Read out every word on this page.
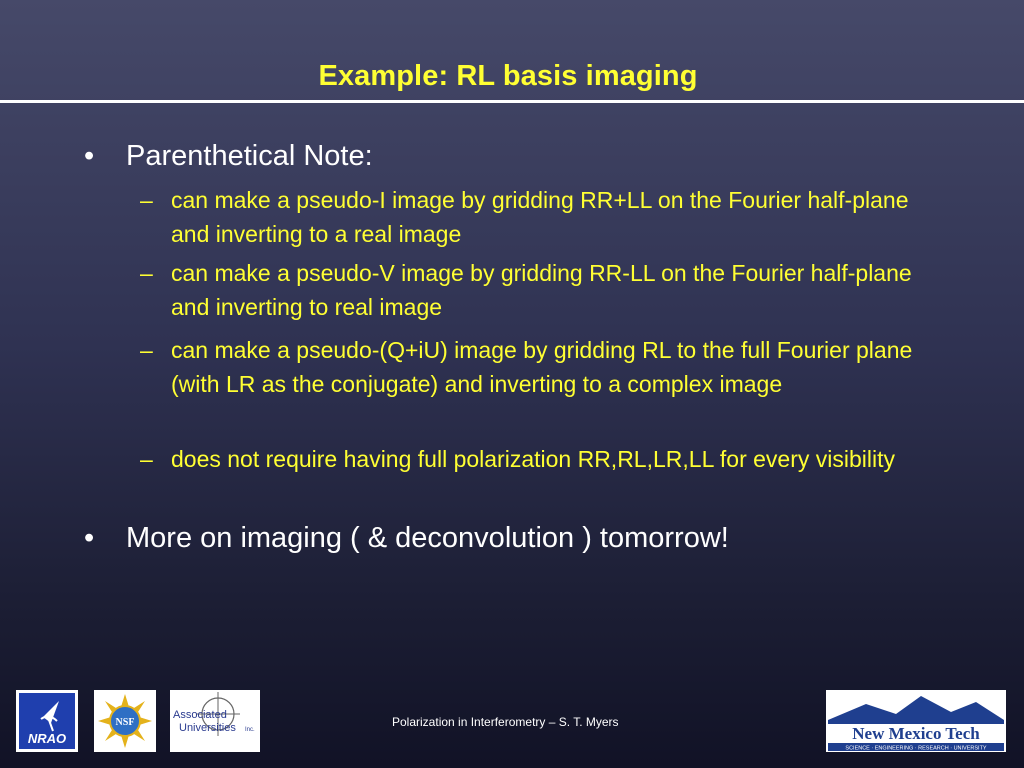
Example: RL basis imaging
•	Parenthetical Note:
– can make a pseudo-I image by gridding RR+LL on the Fourier half-plane and inverting to a real image
– can make a pseudo-V image by gridding RR-LL on the Fourier half-plane and inverting to real image
– can make a pseudo-(Q+iU) image by gridding RL to the full Fourier plane (with LR as the conjugate) and inverting to a complex image
– does not require having full polarization RR,RL,LR,LL for every visibility
•	More on imaging ( & deconvolution ) tomorrow!
NRAO
NSF
Associated
Universities Inc.
Polarization in Interferometry – S. T. Myers
New Mexico Tech
SCIENCE · ENGINEERING · RESEARCH · UNIVERSITY
